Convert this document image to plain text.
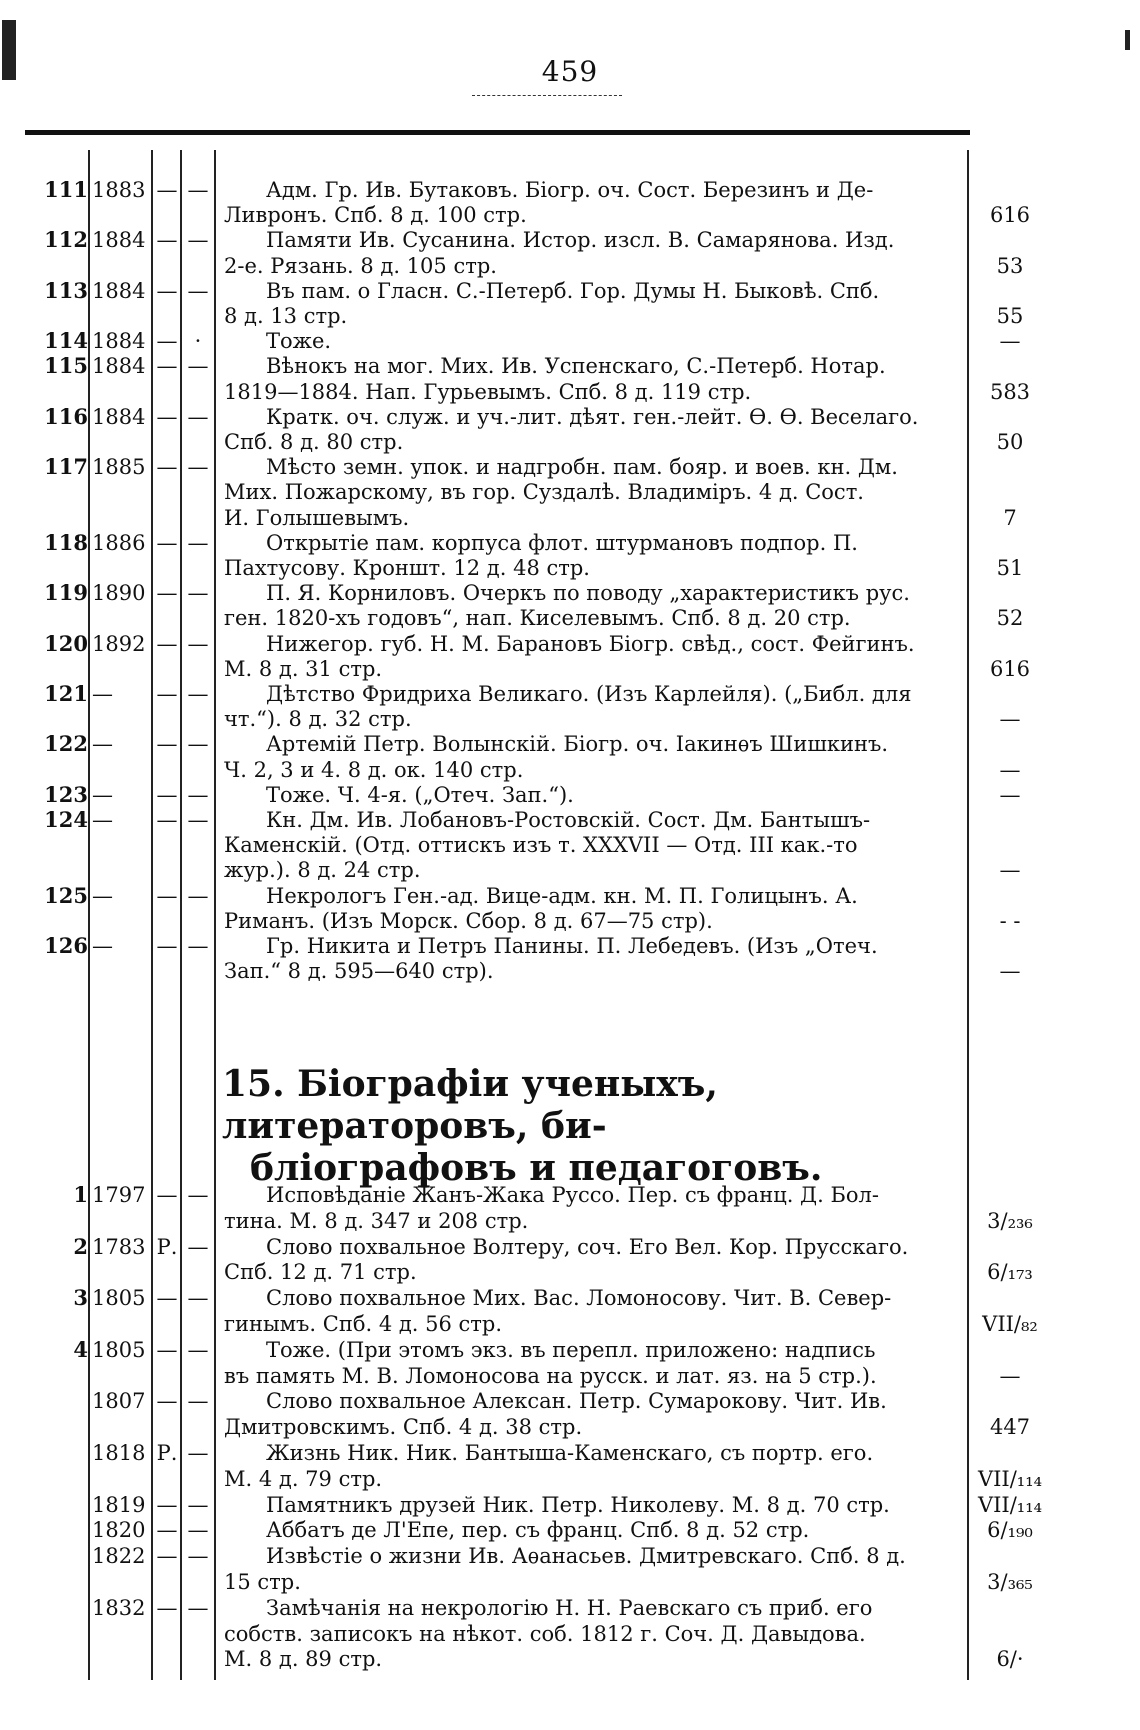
459
111 1883 — —	Адм. Гр. Ив. Бутаковъ. Біогр. оч. Сост. Березинъ и Де-
Ливронъ. Спб. 8 д. 100 стр.	616
112 1884 — —	Памяти Ив. Сусанина. Истор. изсл. В. Самарянова. Изд.
2-е. Рязань. 8 д. 105 стр.	53
113 1884 — —	Въ пам. о Гласн. С.-Петерб. Гор. Думы Н. Быковѣ. Спб.
8 д. 13 стр.	55
114 1884 — ·	Тоже.	—
115 1884 — —	Вѣнокъ на мог. Мих. Ив. Успенскаго, С.-Петерб. Нотар.
1819—1884. Нап. Гурьевымъ. Спб. 8 д. 119 стр.	583
116 1884 — —	Кратк. оч. служ. и уч.-лит. дѣят. ген.-лейт. Ѳ. Ѳ. Веселаго.
Спб. 8 д. 80 стр.	50
117 1885 — —	Мѣсто земн. упок. и надгробн. пам. бояр. и воев. кн. Дм.
Мих. Пожарскому, въ гор. Суздалѣ. Владиміръ. 4 д. Сост.
И. Голышевымъ.	7
118 1886 — —	Открытіе пам. корпуса флот. штурмановъ подпор. П.
Пахтусову. Кроншт. 12 д. 48 стр.	51
119 1890 — —	П. Я. Корниловъ. Очеркъ по поводу „характеристикъ рус.
ген. 1820-хъ годовъ“, нап. Киселевымъ. Спб. 8 д. 20 стр.	52
120 1892 — —	Нижегор. губ. Н. М. Барановъ Біогр. свѣд., сост. Фейгинъ.
М. 8 д. 31 стр.	616
121 —	— —	Дѣтство Фридриха Великаго. (Изъ Карлейля). („Библ. для
чт.“). 8 д. 32 стр.	—
122 —	— —	Артемій Петр. Волынскій. Біогр. оч. Іакинѳъ Шишкинъ.
Ч. 2, 3 и 4. 8 д. ок. 140 стр.	—
123 —	— —	Тоже. Ч. 4-я. („Отеч. Зап.“).	—
124 —	— —	Кн. Дм. Ив. Лобановъ-Ростовскій. Сост. Дм. Бантышъ-
Каменскій. (Отд. оттискъ изъ т. XXXVII — Отд. III как.-то
жур.). 8 д. 24 стр.	—
125 —	— —	Некрологъ Ген.-ад. Вице-адм. кн. М. П. Голицынъ. А.
Риманъ. (Изъ Морск. Сбор. 8 д. 67—75 стр).	- -
126 —	— —	Гр. Никита и Петръ Панины. П. Лебедевъ. (Изъ „Отеч.
Зап.“ 8 д. 595—640 стр).	—
15. Біографіи ученыхъ, литераторовъ, би-
бліографовъ и педагоговъ.
1 1797 — —	Исповѣданіе Жанъ-Жака Руссо. Пер. съ франц. Д. Бол-
тина. М. 8 д. 347 и 208 стр.	3/₂₃₆
2 1783 Р. —	Слово похвальное Волтеру, соч. Его Вел. Кор. Прусскаго.
Спб. 12 д. 71 стр.	6/₁₇₃
3 1805 — —	Слово похвальное Мих. Вас. Ломоносову. Чит. В. Север-
гинымъ. Спб. 4 д. 56 стр.	VII/₈₂
4 1805 — —	Тоже. (При этомъ экз. въ перепл. приложено: надпись
въ память М. В. Ломоносова на русск. и лат. яз. на 5 стр.).	—
1807 — —	Слово похвальное Алексан. Петр. Сумарокову. Чит. Ив.
Дмитровскимъ. Спб. 4 д. 38 стр.	447
1818 Р. —	Жизнь Ник. Ник. Бантыша-Каменскаго, съ портр. его.
М. 4 д. 79 стр.	VII/₁₁₄
1819 — —	Памятникъ друзей Ник. Петр. Николеву. М. 8 д. 70 стр.	VII/₁₁₄
1820 — —	Аббатъ де Л'Епе, пер. съ франц. Спб. 8 д. 52 стр.	6/₁₉₀
1822 — —	Извѣстіе о жизни Ив. Аѳанасьев. Дмитревскаго. Спб. 8 д.
15 стр.	3/₃₆₅
1832 — —	Замѣчанія на некрологію Н. Н. Раевскаго съ приб. его
собств. записокъ на нѣкот. соб. 1812 г. Соч. Д. Давыдова.
М. 8 д. 89 стр.	6/·
